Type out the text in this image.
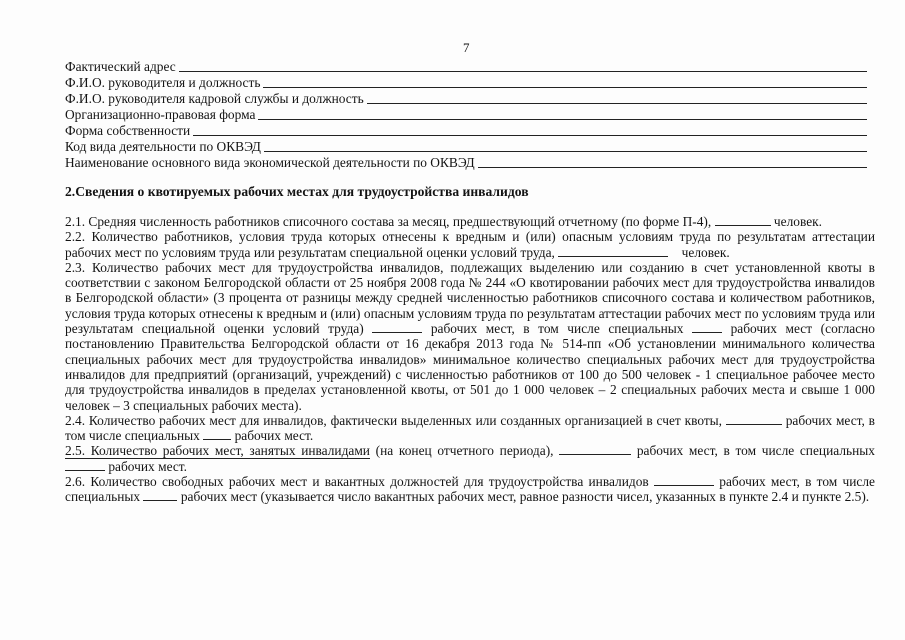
7
Фактический адрес
Ф.И.О. руководителя и должность
Ф.И.О. руководителя кадровой службы и должность
Организационно-правовая форма
Форма собственности
Код вида деятельности по ОКВЭД
Наименование основного вида экономической деятельности по ОКВЭД
2.Сведения о квотируемых рабочих местах для трудоустройства инвалидов

2.1. Средняя численность работников списочного состава за месяц, предшествующий отчетному (по форме П-4),	человек.

2.2. Количество работников, условия труда которых отнесены к вредным и (или) опасным условиям труда по результатам аттестации рабочих мест по условиям труда или результатам специальной оценки условий труда,	человек.

2.3. Количество рабочих мест для трудоустройства инвалидов, подлежащих выделению или созданию в счет установленной квоты в соответствии с законом Белгородской области от 25 ноября 2008 года № 244 «О квотировании рабочих мест для трудоустройства инвалидов в Белгородской области» (3 процента от разницы между средней численностью работников списочного состава и количеством работников, условия труда которых отнесены к вредным и (или) опасным условиям труда по результатам аттестации рабочих мест по условиям труда или результатам специальной оценки условий труда)	рабочих мест, в том числе специальных	рабочих мест (согласно постановлению Правительства Белгородской области от 16 декабря 2013 года № 514-пп «Об установлении минимального количества специальных рабочих мест для трудоустройства инвалидов» минимальное количество специальных рабочих мест для трудоустройства инвалидов для предприятий (организаций, учреждений) с численностью работников от 100 до 500 человек - 1 специальное рабочее место для трудоустройства инвалидов в пределах установленной квоты, от 501 до 1 000 человек – 2 специальных рабочих места и свыше 1 000 человек – 3 специальных рабочих места).

2.4. Количество рабочих мест для инвалидов, фактически выделенных или созданных организацией в счет квоты,	рабочих мест, в том числе специальных	рабочих мест.

2.5. Количество рабочих мест, занятых инвалидами (на конец отчетного периода),	рабочих мест, в том числе специальных  рабочих мест.

2.6. Количество свободных рабочих мест и вакантных должностей для трудоустройства инвалидов	рабочих мест, в том числе специальных	рабочих мест (указывается число вакантных рабочих мест, равное разности чисел, указанных в пункте 2.4 и пункте 2.5).
